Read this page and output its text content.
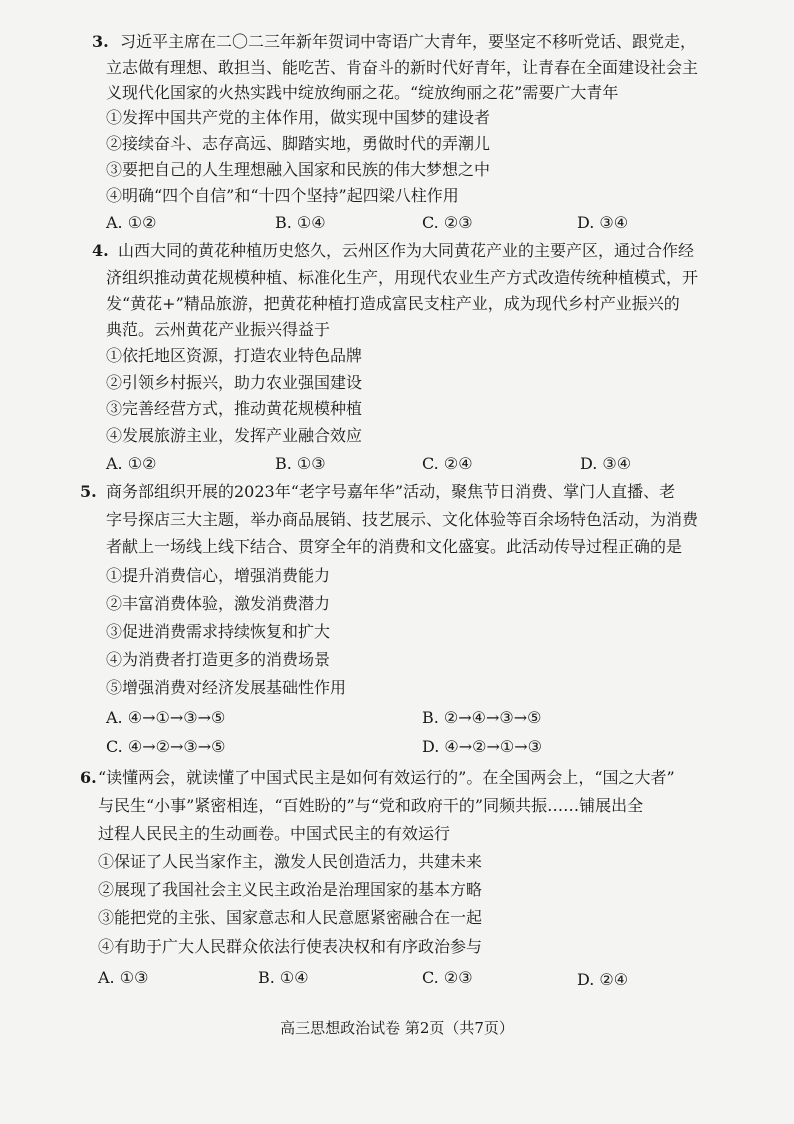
3. 习近平主席在二〇二三年新年贺词中寄语广大青年，要坚定不移听党话、跟党走，
立志做有理想、敢担当、能吃苦、肯奋斗的新时代好青年，让青春在全面建设社会主
义现代化国家的火热实践中绽放绚丽之花。“绽放绚丽之花”需要广大青年
①发挥中国共产党的主体作用，做实现中国梦的建设者
②接续奋斗、志存高远、脚踏实地，勇做时代的弄潮儿
③要把自己的人生理想融入国家和民族的伟大梦想之中
④明确“四个自信”和“十四个坚持”起四梁八柱作用
A. ①②	B. ①④	C. ②③	D. ③④
4. 山西大同的黄花种植历史悠久，云州区作为大同黄花产业的主要产区，通过合作经
济组织推动黄花规模种植、标准化生产，用现代农业生产方式改造传统种植模式，开
发“黄花+”精品旅游，把黄花种植打造成富民支柱产业，成为现代乡村产业振兴的
典范。云州黄花产业振兴得益于
①依托地区资源，打造农业特色品牌
②引领乡村振兴，助力农业强国建设
③完善经营方式，推动黄花规模种植
④发展旅游主业，发挥产业融合效应
A. ①②	B. ①③	C. ②④	D. ③④
5. 商务部组织开展的2023年“老字号嘉年华”活动，聚焦节日消费、掌门人直播、老
字号探店三大主题，举办商品展销、技艺展示、文化体验等百余场特色活动，为消费
者献上一场线上线下结合、贯穿全年的消费和文化盛宴。此活动传导过程正确的是
①提升消费信心，增强消费能力
②丰富消费体验，激发消费潜力
③促进消费需求持续恢复和扩大
④为消费者打造更多的消费场景
⑤增强消费对经济发展基础性作用
A. ④→①→③→⑤	B. ②→④→③→⑤
C. ④→②→③→⑤	D. ④→②→①→③
6. “读懂两会，就读懂了中国式民主是如何有效运行的”。在全国两会上，“国之大者”
与民生“小事”紧密相连，“百姓盼的”与“党和政府干的”同频共振……铺展出全
过程人民民主的生动画卷。中国式民主的有效运行
①保证了人民当家作主，激发人民创造活力，共建未来
②展现了我国社会主义民主政治是治理国家的基本方略
③能把党的主张、国家意志和人民意愿紧密融合在一起
④有助于广大人民群众依法行使表决权和有序政治参与
A. ①③	B. ①④	C. ②③	D. ②④
高三思想政治试卷 第2页（共7页）
